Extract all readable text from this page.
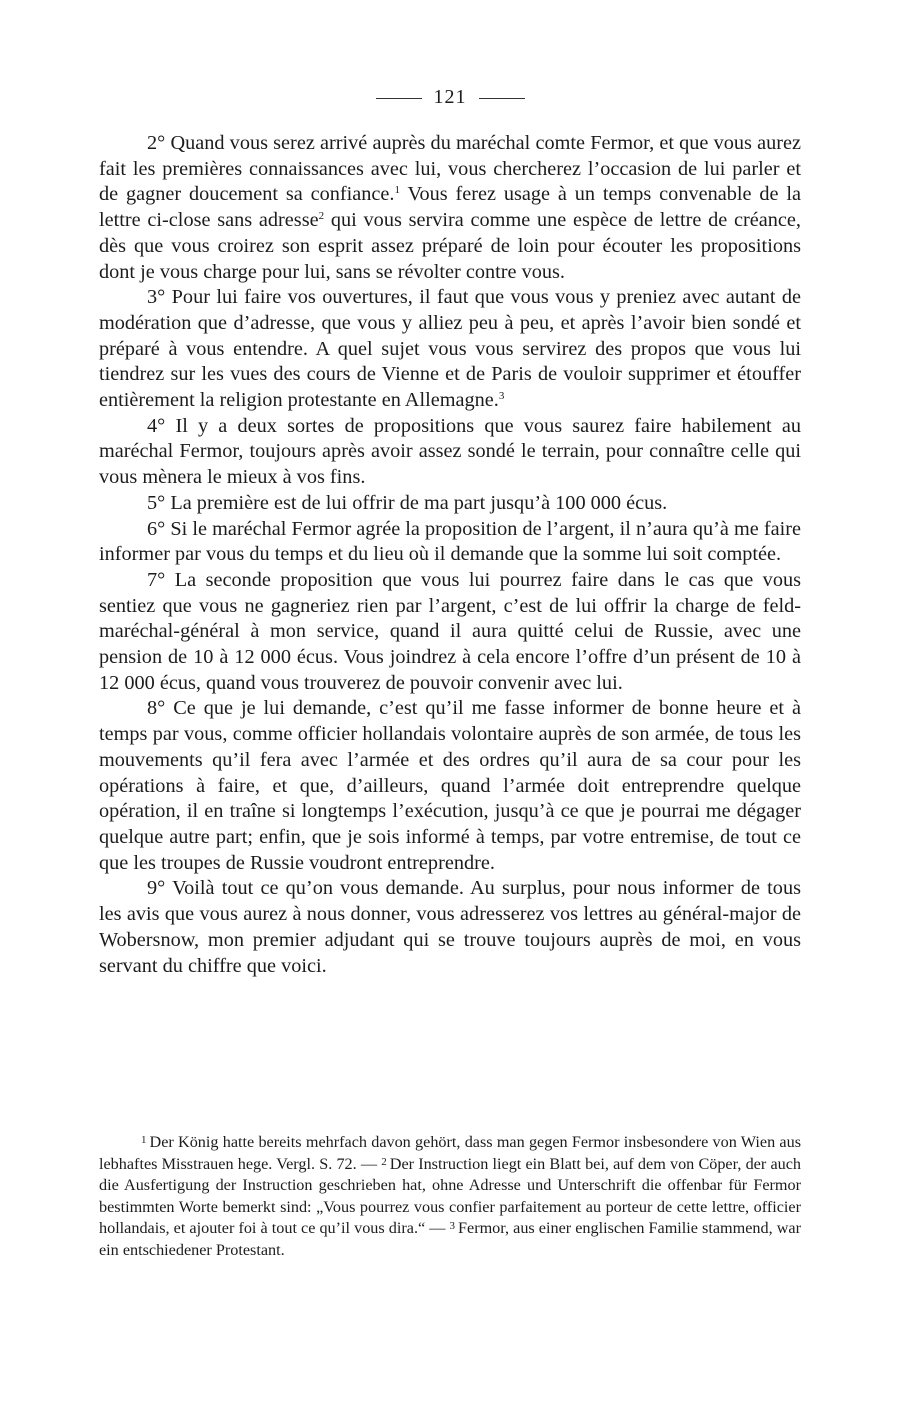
121

2° Quand vous serez arrivé auprès du maréchal comte Fermor, et que vous aurez fait les premières connaissances avec lui, vous chercherez l’occasion de lui parler et de gagner doucement sa confiance.$^1$ Vous ferez usage à un temps convenable de la lettre ci-close sans adresse$^2$ qui vous servira comme une espèce de lettre de créance, dès que vous croirez son esprit assez préparé de loin pour écouter les propositions dont je vous charge pour lui, sans se révolter contre vous.

3° Pour lui faire vos ouvertures, il faut que vous vous y preniez avec autant de modération que d’adresse, que vous y alliez peu à peu, et après l’avoir bien sondé et préparé à vous entendre. A quel sujet vous vous servirez des propos que vous lui tiendrez sur les vues des cours de Vienne et de Paris de vouloir supprimer et étouffer entièrement la religion protestante en Allemagne.$^3$

4° Il y a deux sortes de propositions que vous saurez faire habilement au maréchal Fermor, toujours après avoir assez sondé le terrain, pour connaître celle qui vous mènera le mieux à vos fins.

5° La première est de lui offrir de ma part jusqu’à 100 000 écus.

6° Si le maréchal Fermor agrée la proposition de l’argent, il n’aura qu’à me faire informer par vous du temps et du lieu où il demande que la somme lui soit comptée.

7° La seconde proposition que vous lui pourrez faire dans le cas que vous sentiez que vous ne gagneriez rien par l’argent, c’est de lui offrir la charge de feld-maréchal-général à mon service, quand il aura quitté celui de Russie, avec une pension de 10 à 12 000 écus. Vous joindrez à cela encore l’offre d’un présent de 10 à 12 000 écus, quand vous trouverez de pouvoir convenir avec lui.

8° Ce que je lui demande, c’est qu’il me fasse informer de bonne heure et à temps par vous, comme officier hollandais volontaire auprès de son armée, de tous les mouvements qu’il fera avec l’armée et des ordres qu’il aura de sa cour pour les opérations à faire, et que, d’ailleurs, quand l’armée doit entreprendre quelque opération, il en traîne si longtemps l’exécution, jusqu’à ce que je pourrai me dégager quelque autre part; enfin, que je sois informé à temps, par votre entremise, de tout ce que les troupes de Russie voudront entreprendre.

9° Voilà tout ce qu’on vous demande. Au surplus, pour nous informer de tous les avis que vous aurez à nous donner, vous adresserez vos lettres au général-major de Wobersnow, mon premier adjudant qui se trouve toujours auprès de moi, en vous servant du chiffre que voici.

$^1$ Der König hatte bereits mehrfach davon gehört, dass man gegen Fermor insbesondere von Wien aus lebhaftes Misstrauen hege. Vergl. S. 72. — $^2$ Der Instruction liegt ein Blatt bei, auf dem von Cöper, der auch die Ausfertigung der Instruction geschrieben hat, ohne Adresse und Unterschrift die offenbar für Fermor bestimmten Worte bemerkt sind: „Vous pourrez vous confier parfaitement au porteur de cette lettre, officier hollandais, et ajouter foi à tout ce qu’il vous dira.“ — $^3$ Fermor, aus einer englischen Familie stammend, war ein entschiedener Protestant.
